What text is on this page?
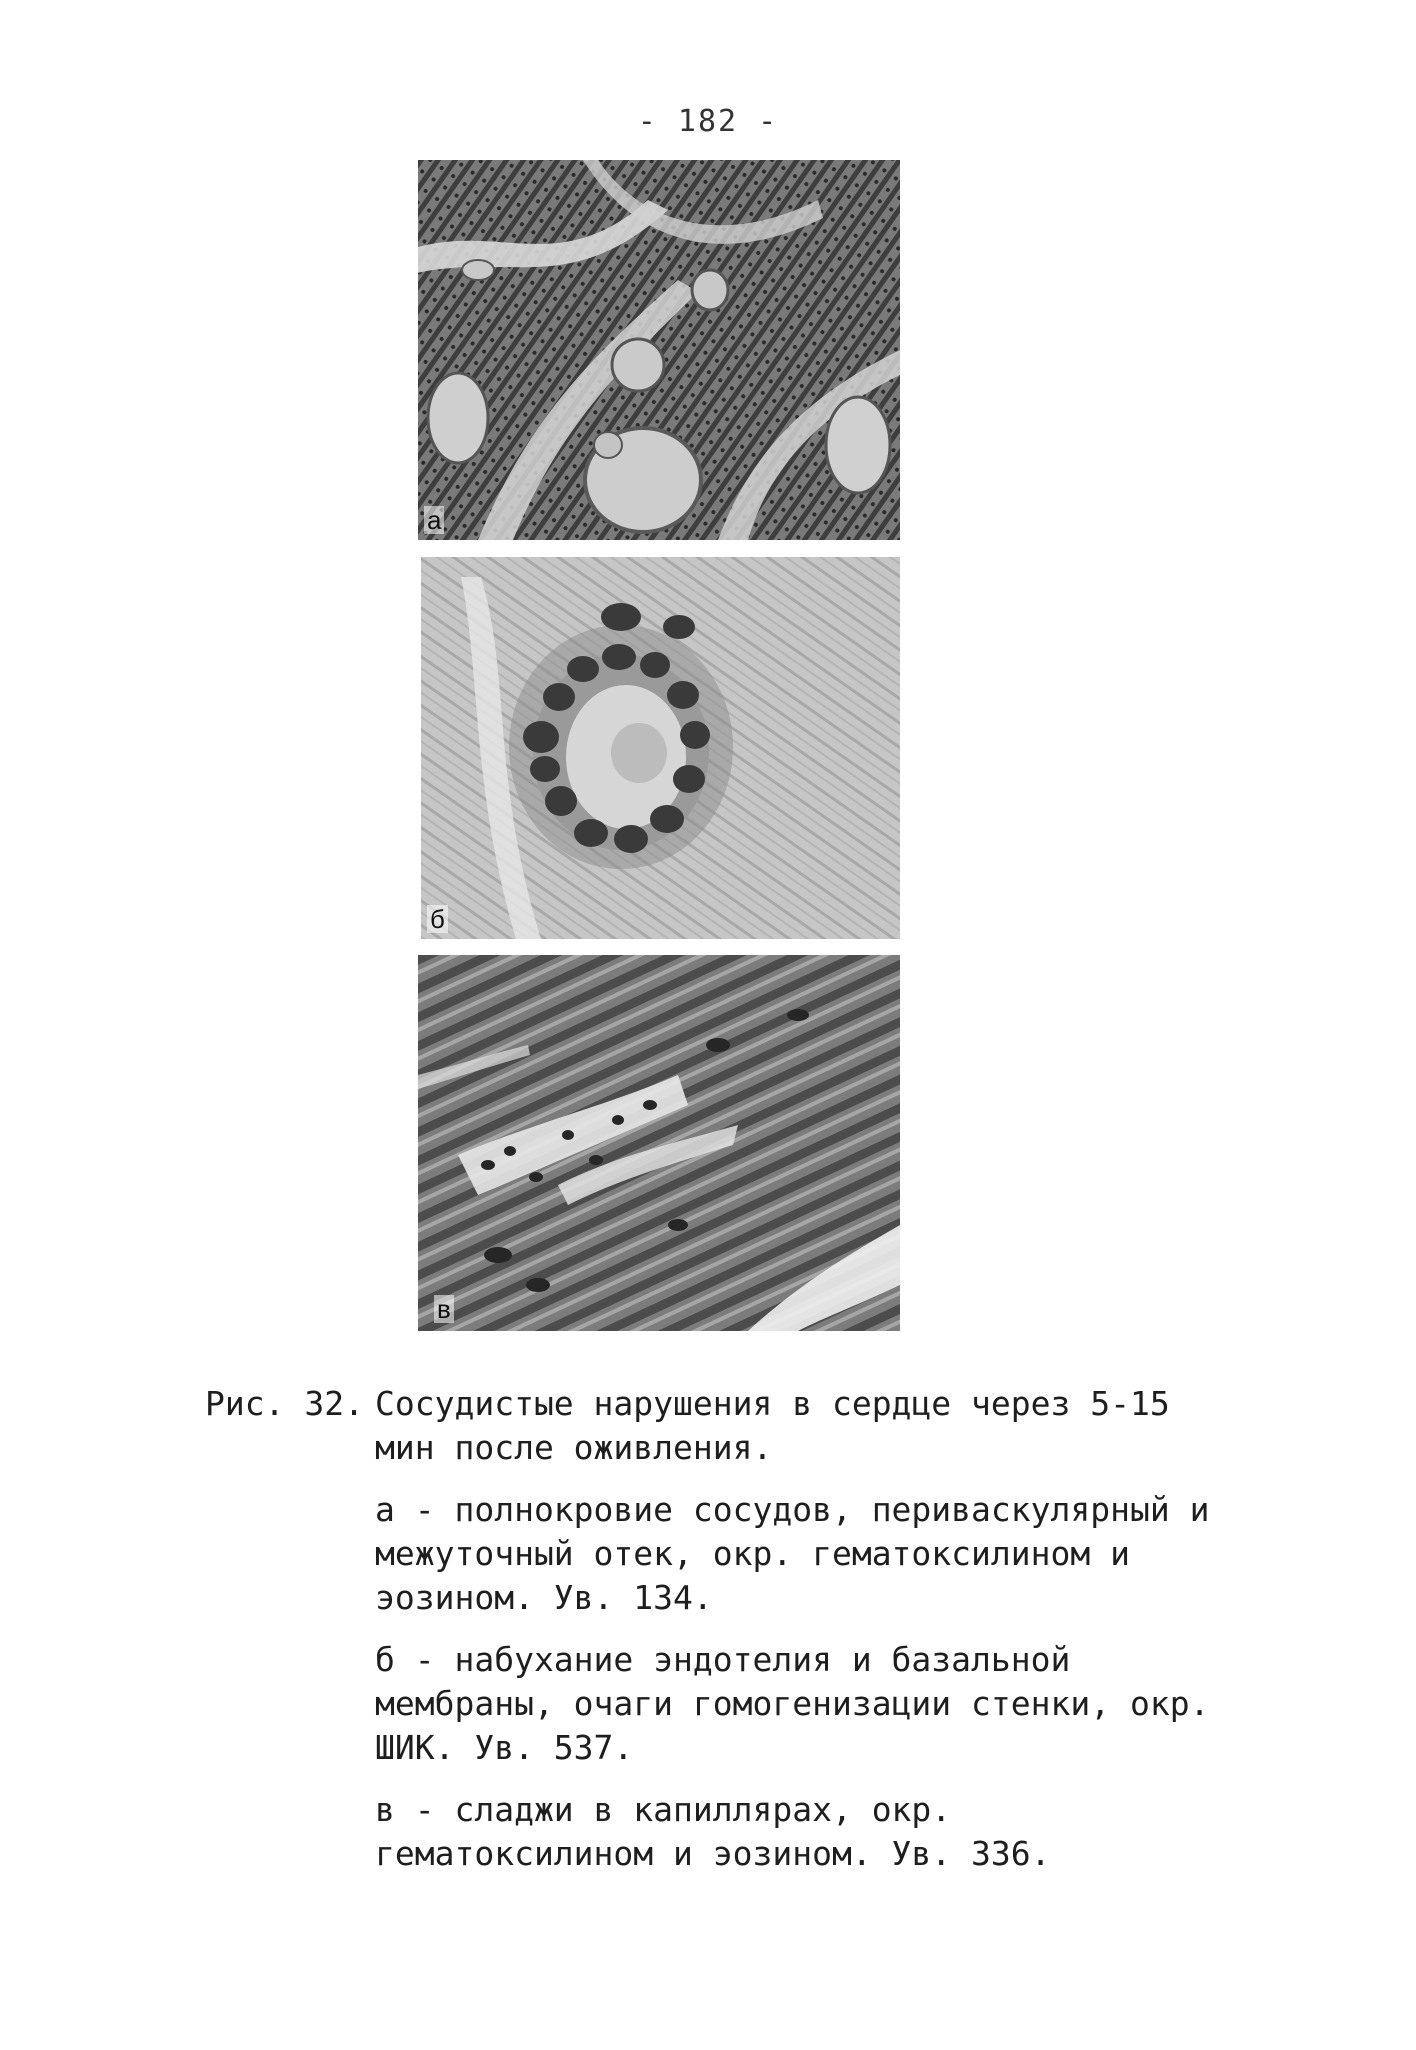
- 182 -
а
б
в
Рис. 32. Сосудистые нарушения в сердце через 5-15 мин после оживления.
а - полнокровие сосудов, периваскулярный и межуточный отек, окр. гематоксилином и эозином. Ув. 134.
б - набухание эндотелия и базальной мембраны, очаги гомогенизации стенки, окр. ШИК. Ув. 537.
в - сладжи в капиллярах, окр. гематоксилином и эозином. Ув. 336.
